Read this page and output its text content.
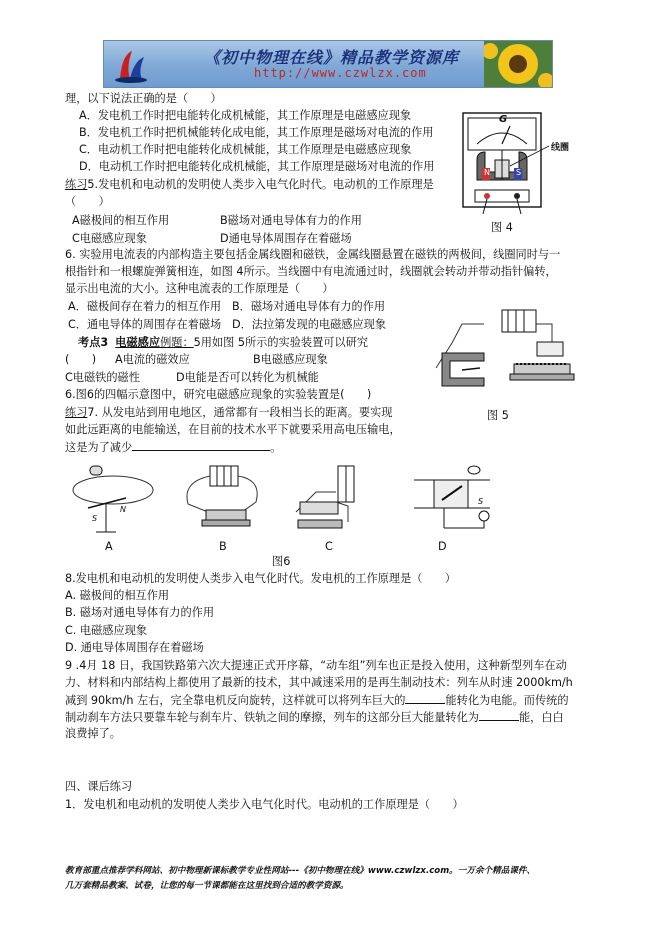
《初中物理在线》精品教学资源库
http://www.czwlzx.com
理，以下说法正确的是（　　）
A．发电机工作时把电能转化成机械能，其工作原理是电磁感应现象
B．发电机工作时把机械能转化成电能，其工作原理是磁场对电流的作用
C．电动机工作时把电能转化成机械能，其工作原理是电磁感应现象
D．电动机工作时把电能转化成机械能，其工作原理是磁场对电流的作用
练习5.发电机和电动机的发明使人类步入电气化时代。电动机的工作原理是
（　　）
A磁极间的相互作用	B磁场对通电导体有力的作用
C电磁感应现象	D通电导体周围存在着磁场
G
N	S
线圈
图 4
6. 实验用电流表的内部构造主要包括金属线圈和磁铁，金属线圈悬置在磁铁的两极间，线圈同时与一
根指针和一根螺旋弹簧相连，如图 4所示。当线圈中有电流通过时，线圈就会转动并带动指针偏转，
显示出电流的大小。这种电流表的工作原理是（　　）
A．磁极间存在着力的相互作用 B．磁场对通电导体有力的作用
C．通电导体的周围存在着磁场 D．法拉第发现的电磁感应现象
考点3 电磁感应例题：5用如图 5所示的实验装置可以研究
(　　) A电流的磁效应	B电磁感应现象
C电磁铁的磁性	D电能是否可以转化为机械能
图 5
6.图6的四幅示意图中，研究电磁感应现象的实验装置是(　　)
练习7. 从发电站到用电地区，通常都有一段相当长的距离。要实现
如此远距离的电能输送，在目前的技术水平下就要采用高电压输电，
这是为了减少	。
S
N
S
A	B	C	D
图6
8.发电机和电动机的发明使人类步入电气化时代。发电机的工作原理是（　　）
A. 磁极间的相互作用
B. 磁场对通电导体有力的作用
C. 电磁感应现象
D. 通电导体周围存在着磁场
9 .4月 18 日，我国铁路第六次大提速正式开序幕，“动车组”列车也正是投入使用，这种新型列车在动
力、材料和内部结构上都使用了最新的技术，其中减速采用的是再生制动技术：列车从时速 2000km/h
减到 90km/h 左右，完全靠电机反向旋转，这样就可以将列车巨大的	能转化为电能。而传统的
制动刹车方法只要靠车轮与刹车片、铁轨之间的摩擦，列车的这部分巨大能量转化为	能，白白
浪费掉了。
四、课后练习
1．发电机和电动机的发明使人类步入电气化时代。电动机的工作原理是（　　）
教育部重点推荐学科网站、初中物理新课标教学专业性网站---《初中物理在线》www.czwlzx.com。一万余个精品课件、
几万套精品教案、试卷，让您的每一节课都能在这里找到合适的教学资源。
